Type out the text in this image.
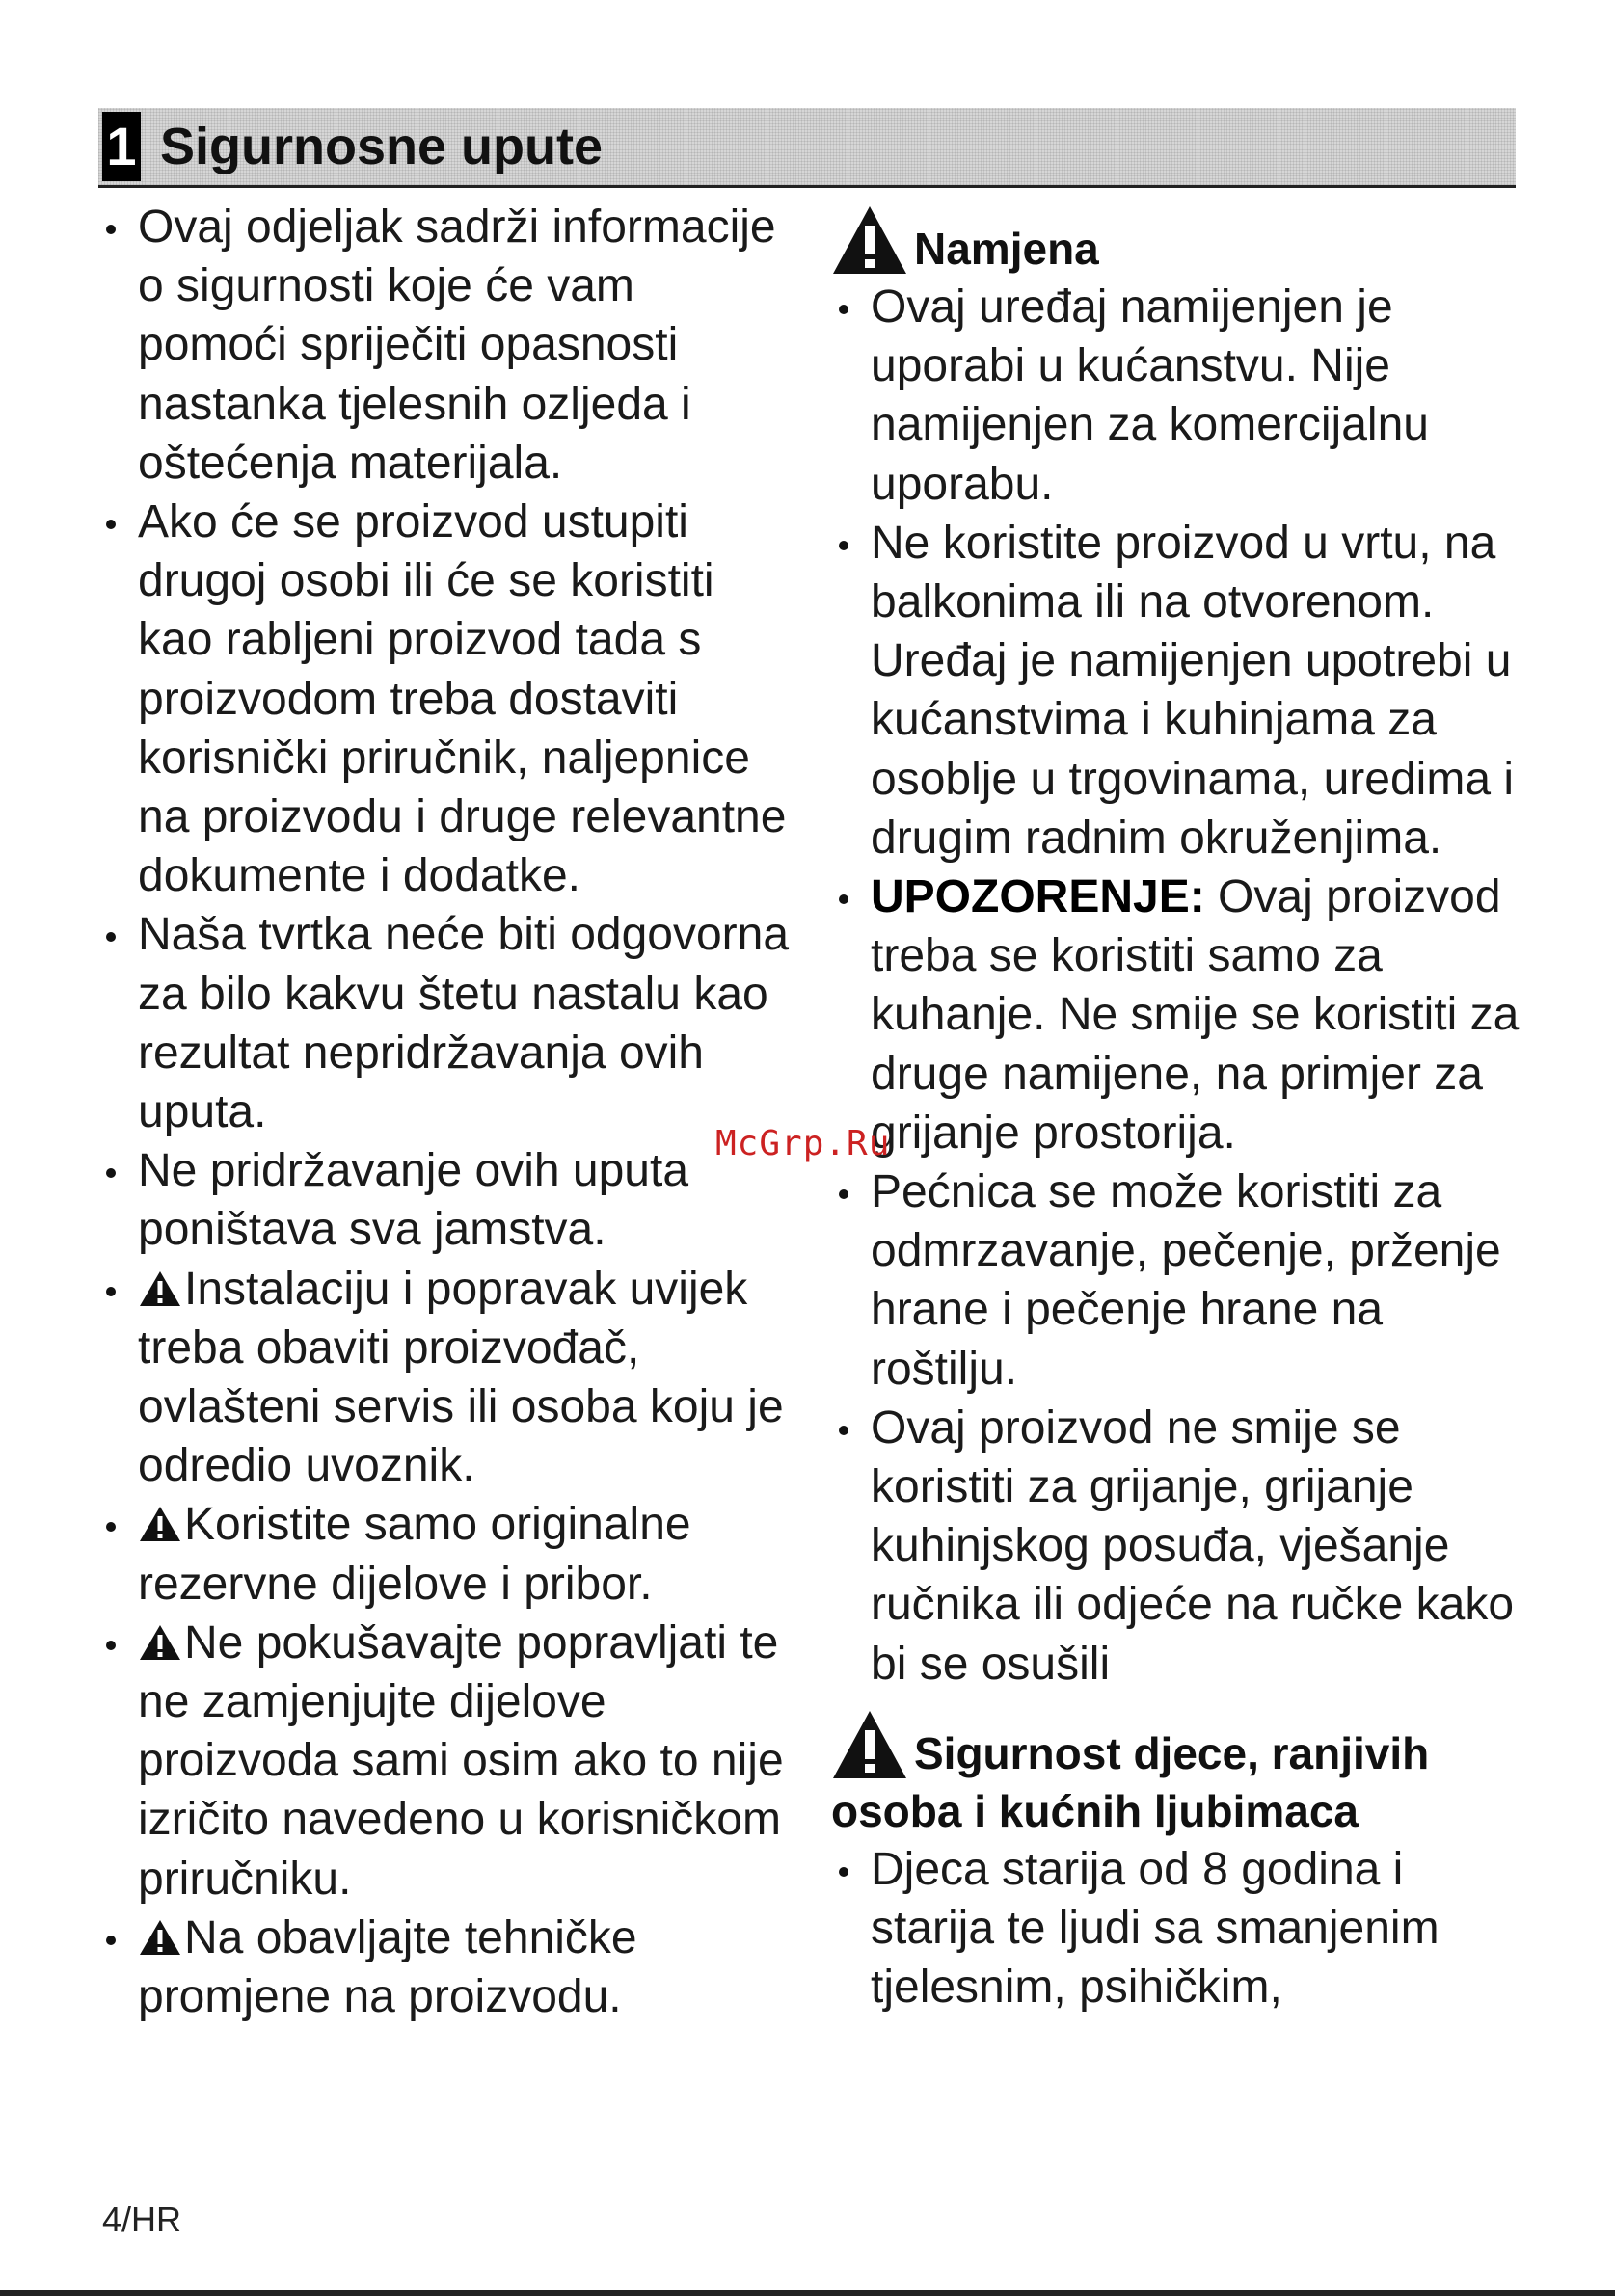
1 Sigurnosne upute
Ovaj odjeljak sadrži informacije o sigurnosti koje će vam pomoći spriječiti opasnosti nastanka tjelesnih ozljeda i oštećenja materijala.
Ako će se proizvod ustupiti drugoj osobi ili će se koristiti kao rabljeni proizvod tada s proizvodom treba dostaviti korisnički priručnik, naljepnice na proizvodu i druge relevantne dokumente i dodatke.
Naša tvrtka neće biti odgovorna za bilo kakvu štetu nastalu kao rezultat nepridržavanja ovih uputa.
Ne pridržavanje ovih uputa poništava sva jamstva.
Instalaciju i popravak uvijek treba obaviti proizvođač, ovlašteni servis ili osoba koju je odredio uvoznik.
Koristite samo originalne rezervne dijelove i pribor.
Ne pokušavajte popravljati te ne zamjenjujte dijelove proizvoda sami osim ako to nije izričito navedeno u korisničkom priručniku.
Na obavljajte tehničke promjene na proizvodu.
Namjena
Ovaj uređaj namijenjen je uporabi u kućanstvu. Nije namijenjen za komercijalnu uporabu.
Ne koristite proizvod u vrtu, na balkonima ili na otvorenom. Uređaj je namijenjen upotrebi u kućanstvima i kuhinjama za osoblje u trgovinama, uredima i drugim radnim okruženjima.
UPOZORENJE: Ovaj proizvod treba se koristiti samo za kuhanje. Ne smije se koristiti za druge namijene, na primjer za grijanje prostorija.
Pećnica se može koristiti za odmrzavanje, pečenje, prženje hrane i pečenje hrane na roštilju.
Ovaj proizvod ne smije se koristiti za grijanje, grijanje kuhinjskog posuđa, vješanje ručnika ili odjeće na ručke kako bi se osušili
Sigurnost djece, ranjivih
osoba i kućnih ljubimaca
Djeca starija od 8 godina i starija te ljudi sa smanjenim tjelesnim, psihičkim,
McGrp.Ru
4/HR
